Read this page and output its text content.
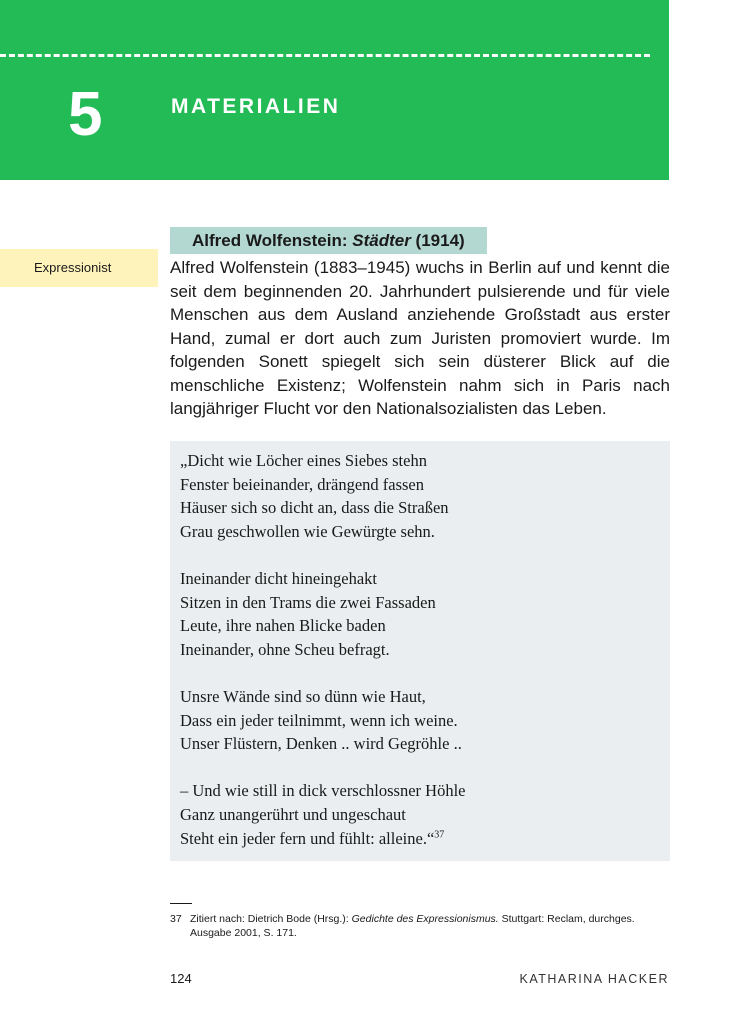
5	MATERIALIEN
Alfred Wolfenstein: Städter (1914)
Expressionist	Alfred Wolfenstein (1883–1945) wuchs in Berlin auf und kennt die seit dem beginnenden 20. Jahrhundert pulsierende und für viele Menschen aus dem Ausland anziehende Großstadt aus erster Hand, zumal er dort auch zum Juristen promoviert wurde. Im folgenden Sonett spiegelt sich sein düsterer Blick auf die menschliche Existenz; Wolfenstein nahm sich in Paris nach langjähriger Flucht vor den Nationalsozialisten das Leben.

„Dicht wie Löcher eines Siebes stehn
Fenster beieinander, drängend fassen
Häuser sich so dicht an, dass die Straßen
Grau geschwollen wie Gewürgte sehn.
Ineinander dicht hineingehakt
Sitzen in den Trams die zwei Fassaden
Leute, ihre nahen Blicke baden
Ineinander, ohne Scheu befragt.
Unsre Wände sind so dünn wie Haut,
Dass ein jeder teilnimmt, wenn ich weine.
Unser Flüstern, Denken .. wird Gegröhle ..
– Und wie still in dick verschlossner Höhle
Ganz unangerührt und ungeschaut
Steht ein jeder fern und fühlt: alleine.“$^{37}$
37 Zitiert nach: Dietrich Bode (Hrsg.): Gedichte des Expressionismus. Stuttgart: Reclam, durchges.
Ausgabe 2001, S. 171.
124	KATHARINA HACKER
